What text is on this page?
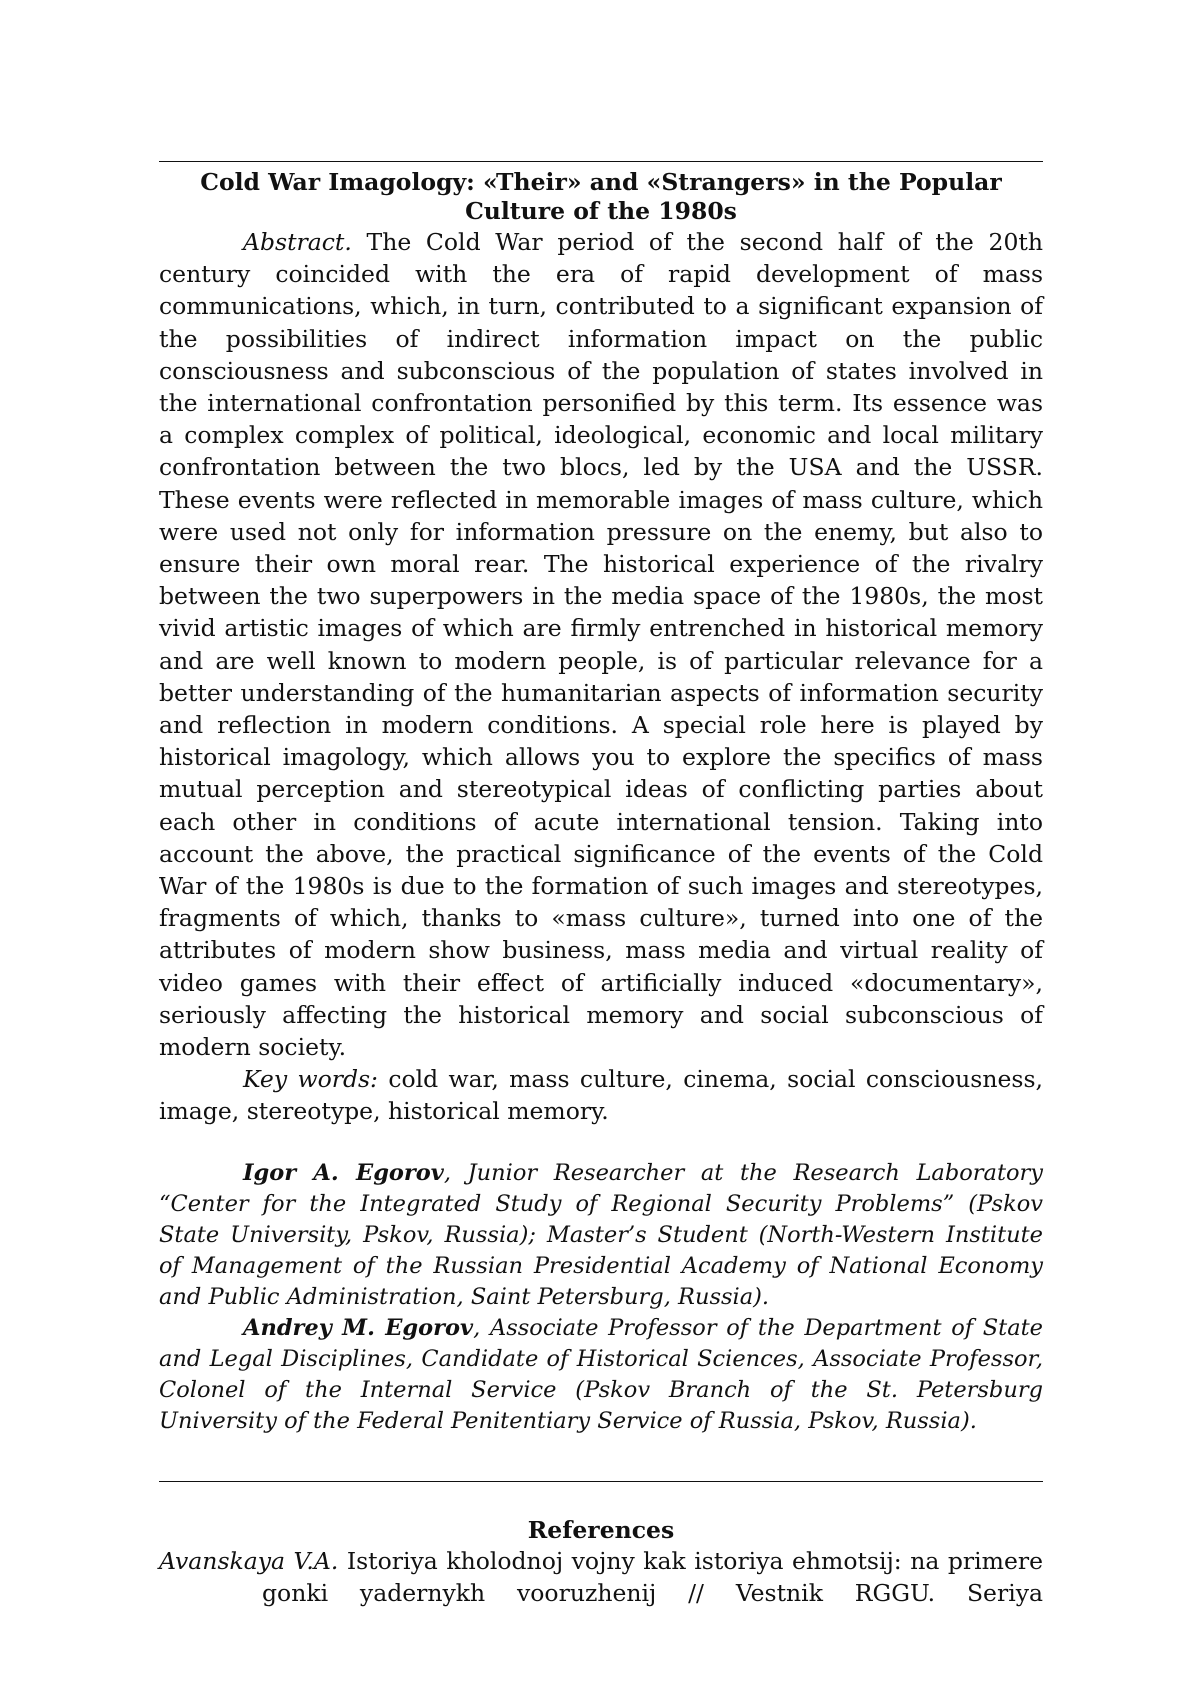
Cold War Imagology: «Their» and «Strangers» in the Popular Culture of the 1980s

Abstract. The Cold War period of the second half of the 20th century coincided with the era of rapid development of mass communications, which, in turn, contributed to a significant expansion of the possibilities of indirect information impact on the public consciousness and subconscious of the population of states involved in the international confrontation personified by this term. Its essence was a complex complex of political, ideological, economic and local military confrontation between the two blocs, led by the USA and the USSR. These events were reflected in memorable images of mass culture, which were used not only for information pressure on the enemy, but also to ensure their own moral rear. The historical experience of the rivalry between the two superpowers in the media space of the 1980s, the most vivid artistic images of which are firmly entrenched in historical memory and are well known to modern people, is of particular relevance for a better understanding of the humanitarian aspects of information security and reflection in modern conditions. A special role here is played by historical imagology, which allows you to explore the specifics of mass mutual perception and stereotypical ideas of conflicting parties about each other in conditions of acute international tension. Taking into account the above, the practical significance of the events of the Cold War of the 1980s is due to the formation of such images and stereotypes, fragments of which, thanks to «mass culture», turned into one of the attributes of modern show business, mass media and virtual reality of video games with their effect of artificially induced «documentary», seriously affecting the historical memory and social subconscious of modern society.

Key words: cold war, mass culture, cinema, social consciousness, image, stereotype, historical memory.

Igor A. Egorov, Junior Researcher at the Research Laboratory “Center for the Integrated Study of Regional Security Problems” (Pskov State University, Pskov, Russia); Master’s Student (North-Western Institute of Management of the Russian Presidential Academy of National Economy and Public Administration, Saint Petersburg, Russia).

Andrey M. Egorov, Associate Professor of the Department of State and Legal Disciplines, Candidate of Historical Sciences, Associate Professor, Colonel of the Internal Service (Pskov Branch of the St. Petersburg University of the Federal Penitentiary Service of Russia, Pskov, Russia).

References

Avanskaya V.A. Istoriya kholodnoj vojny kak istoriya ehmotsij: na primere gonki yadernykh vooruzhenij // Vestnik RGGU. Seriya
